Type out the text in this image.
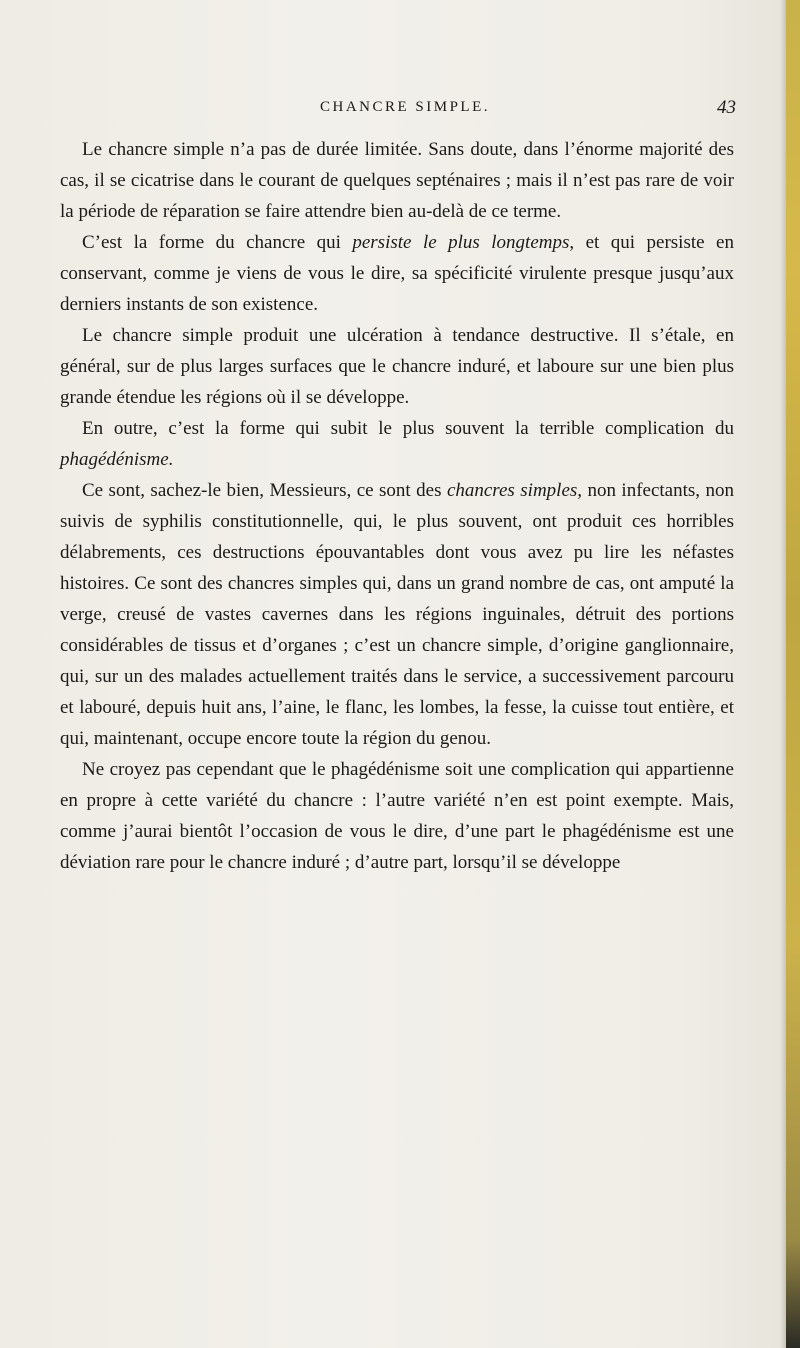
CHANCRE SIMPLE.	43

Le chancre simple n’a pas de durée limitée. Sans doute, dans l’énorme majorité des cas, il se cicatrise dans le courant de quelques septénaires ; mais il n’est pas rare de voir la période de réparation se faire attendre bien au-delà de ce terme.

C’est la forme du chancre qui persiste le plus longtemps, et qui persiste en conservant, comme je viens de vous le dire, sa spécificité virulente presque jusqu’aux derniers instants de son existence.

Le chancre simple produit une ulcération à tendance destructive. Il s’étale, en général, sur de plus larges surfaces que le chancre induré, et laboure sur une bien plus grande étendue les régions où il se développe.

En outre, c’est la forme qui subit le plus souvent la terrible complication du phagédénisme.

Ce sont, sachez-le bien, Messieurs, ce sont des chancres simples, non infectants, non suivis de syphilis constitutionnelle, qui, le plus souvent, ont produit ces horribles délabrements, ces destructions épouvantables dont vous avez pu lire les néfastes histoires. Ce sont des chancres simples qui, dans un grand nombre de cas, ont amputé la verge, creusé de vastes cavernes dans les régions inguinales, détruit des portions considérables de tissus et d’organes ; c’est un chancre simple, d’origine ganglionnaire, qui, sur un des malades actuellement traités dans le service, a successivement parcouru et labouré, depuis huit ans, l’aine, le flanc, les lombes, la fesse, la cuisse tout entière, et qui, maintenant, occupe encore toute la région du genou.

Ne croyez pas cependant que le phagédénisme soit une complication qui appartienne en propre à cette variété du chancre : l’autre variété n’en est point exempte. Mais, comme j’aurai bientôt l’occasion de vous le dire, d’une part le phagédénisme est une déviation rare pour le chancre induré ; d’autre part, lorsqu’il se développe
